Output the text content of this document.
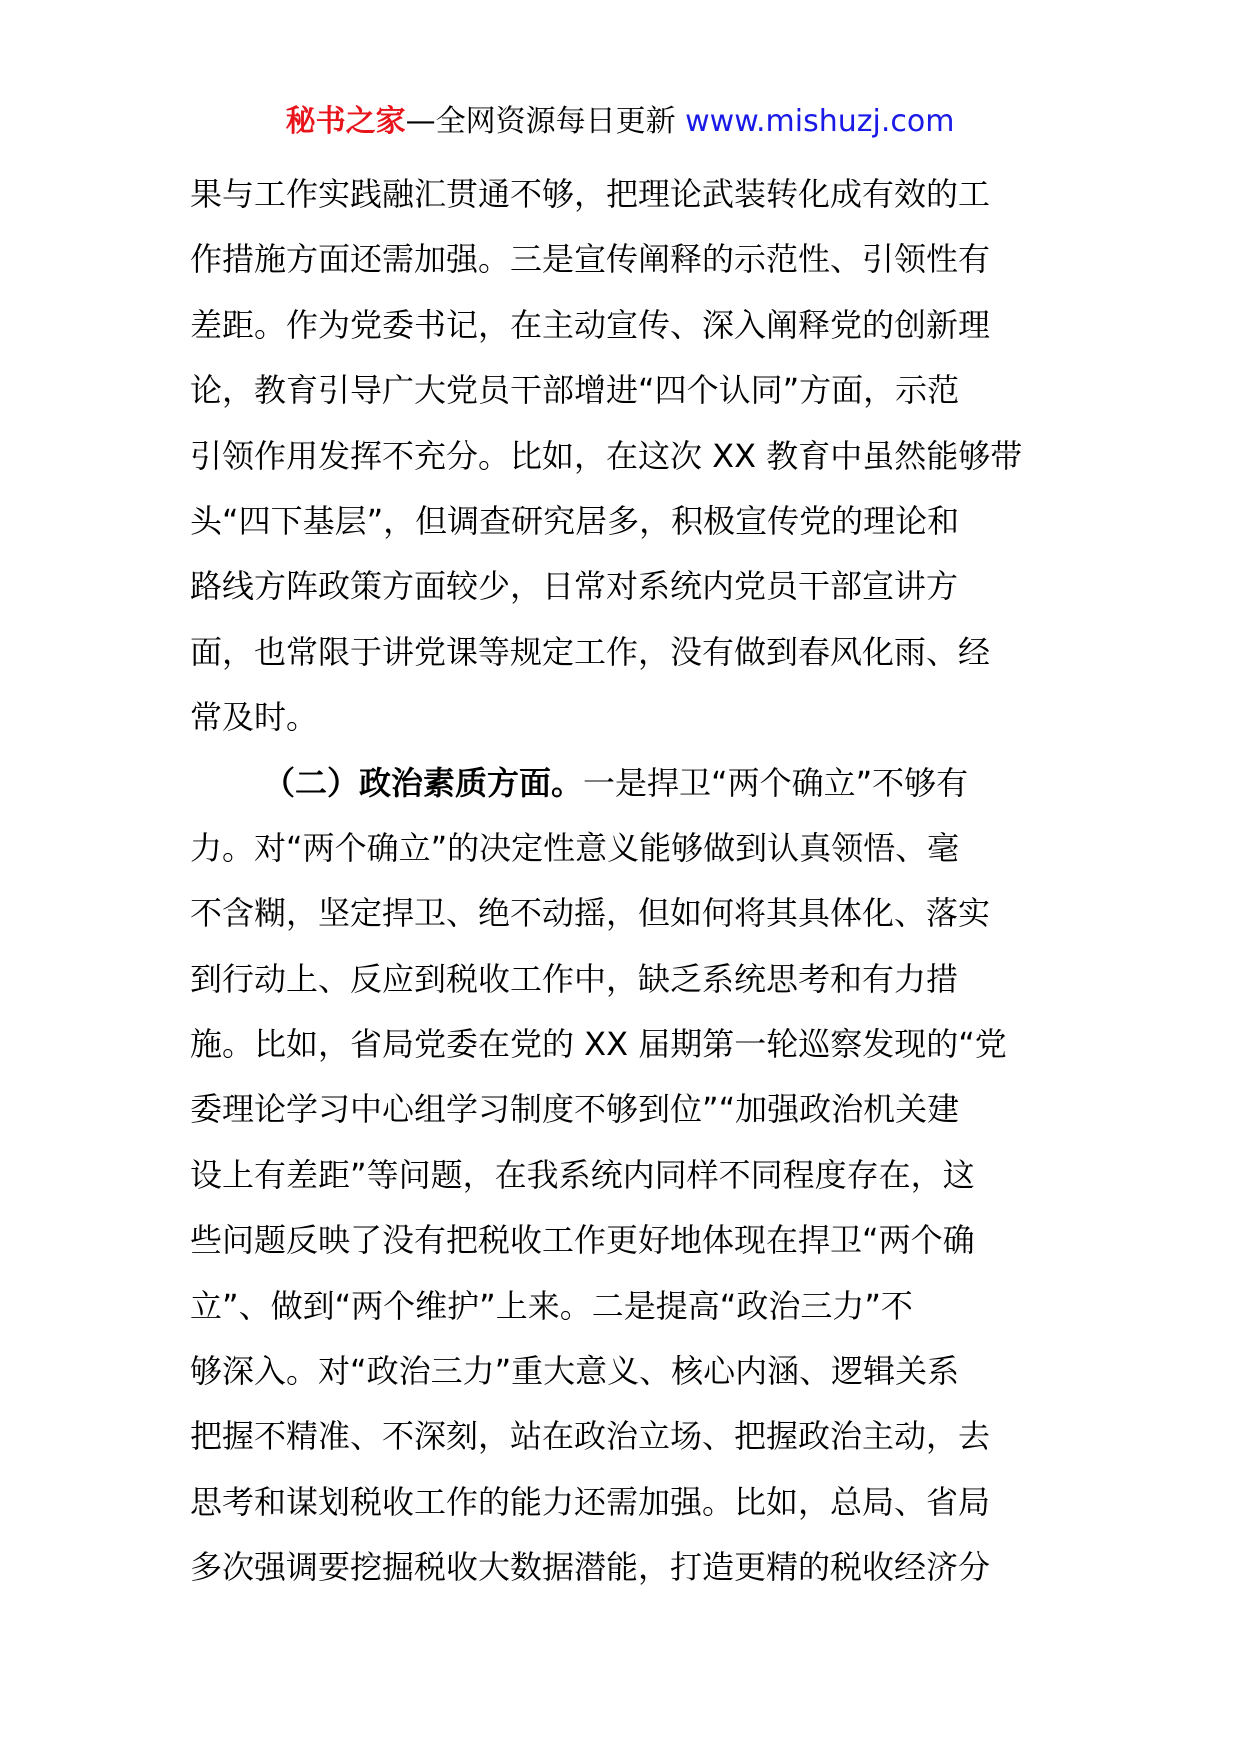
秘书之家—全网资源每日更新 www.mishuzj.com
果与工作实践融汇贯通不够，把理论武装转化成有效的工
作措施方面还需加强。三是宣传阐释的示范性、引领性有
差距。作为党委书记，在主动宣传、深入阐释党的创新理
论，教育引导广大党员干部增进“四个认同”方面，示范
引领作用发挥不充分。比如，在这次 XX 教育中虽然能够带
头“四下基层”，但调查研究居多，积极宣传党的理论和
路线方阵政策方面较少，日常对系统内党员干部宣讲方
面，也常限于讲党课等规定工作，没有做到春风化雨、经
常及时。
（二）政治素质方面。一是捍卫“两个确立”不够有
力。对“两个确立”的决定性意义能够做到认真领悟、毫
不含糊，坚定捍卫、绝不动摇，但如何将其具体化、落实
到行动上、反应到税收工作中，缺乏系统思考和有力措
施。比如，省局党委在党的 XX 届期第一轮巡察发现的“党
委理论学习中心组学习制度不够到位”“加强政治机关建
设上有差距”等问题，在我系统内同样不同程度存在，这
些问题反映了没有把税收工作更好地体现在捍卫“两个确
立”、做到“两个维护”上来。二是提高“政治三力”不
够深入。对“政治三力”重大意义、核心内涵、逻辑关系
把握不精准、不深刻，站在政治立场、把握政治主动，去
思考和谋划税收工作的能力还需加强。比如，总局、省局
多次强调要挖掘税收大数据潜能，打造更精的税收经济分
